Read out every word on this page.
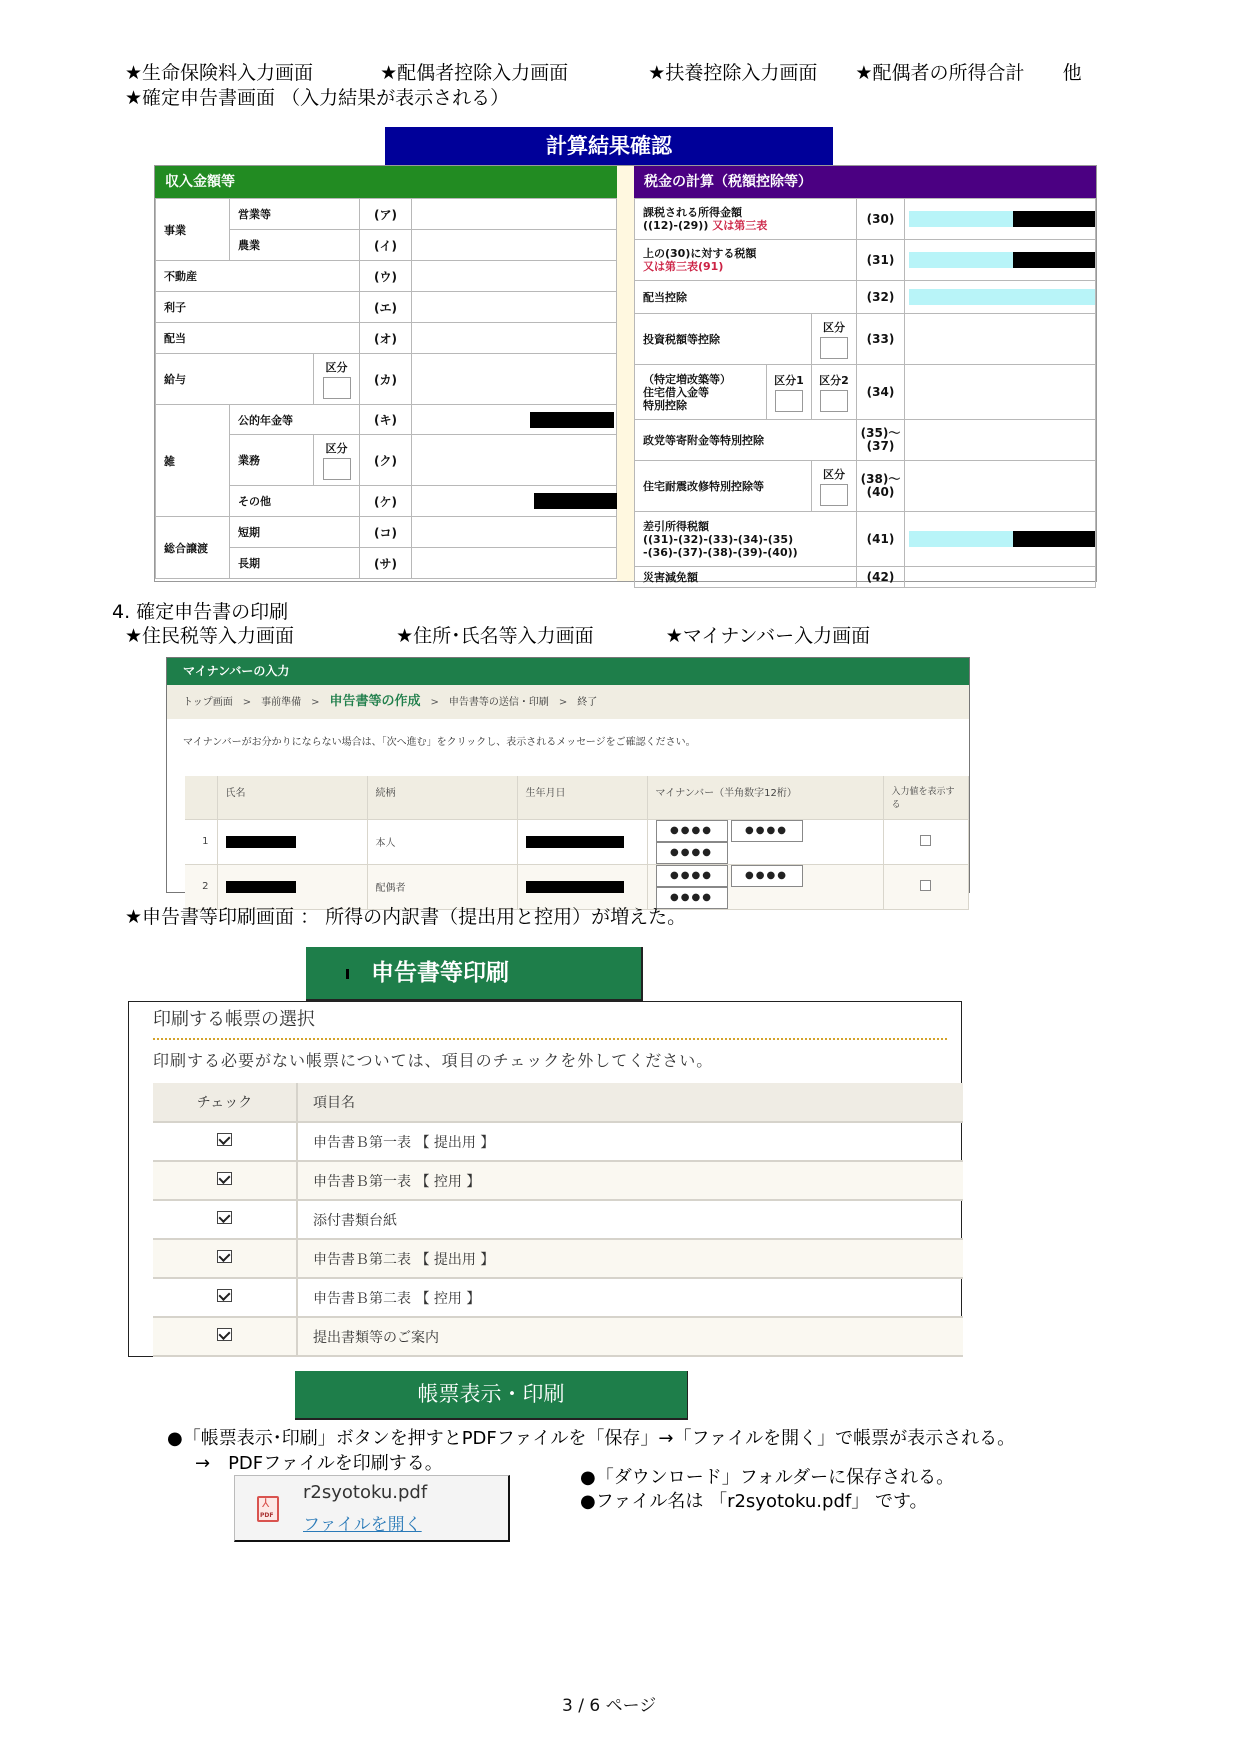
★生命保険料入力画面	★配偶者控除入力画面	★扶養控除入力画面 ★配偶者の所得合計 他
★確定申告書画面 （入力結果が表示される）
計算結果確認
収入金額等
事業	営業等		(ア)	
	農業		(イ)	
不動産			(ウ)	
利子			(エ)	
配当			(オ)	
給与		区分	(カ)	
雑	公的年金等		(キ)	

	業務	区分	(ク)	
	その他		(ケ)	

総合譲渡	短期		(コ)	
	長期		(サ)	
税金の計算（税額控除等）
課税される所得金額
((12)-(29)) 又は第三表			(30)	

上の(30)に対する税額
又は第三表(91)			(31)	

配当控除			(32)	

投資税額等控除		区分	(33)	

（特定増改築等）
住宅借入金等
特別控除	区分1	区分2	(34)	

政党等寄附金等特別控除			(35)～
(37)	

住宅耐震改修特別控除等		区分	(38)～
(40)	

差引所得税額
((31)-(32)-(33)-(34)-(35)
-(36)-(37)-(38)-(39)-(40))			(41)	

災害減免額			(42)	
4. 確定申告書の印刷
★住民税等入力画面	★住所･氏名等入力画面	★マイナンバー入力画面
マイナンバーの入力
トップ画面 > 事前準備 > 申告書等の作成 > 申告書等の送信・印刷 > 終了
マイナンバーがお分かりにならない場合は、「次へ進む」をクリックし、表示されるメッセージをご確認ください。
	氏名	続柄	生年月日	マイナンバー（半角数字12桁）	入力値を表示する
1		本人		●●●● ●●●●●●●●	
2		配偶者		●●●● ●●●●●●●●	
★申告書等印刷画面 ： 所得の内訳書（提出用と控用）が増えた。
申告書等印刷
印刷する帳票の選択
印刷する必要がない帳票については、項目のチェックを外してください。
チェック	項目名
	申告書Ｂ第一表 【 提出用 】
	申告書Ｂ第一表 【 控用 】
	添付書類台紙
	申告書Ｂ第二表 【 提出用 】
	申告書Ｂ第二表 【 控用 】
	提出書類等のご案内
帳票表示・印刷
●「帳票表示･印刷」ボタンを押すとPDFファイルを「保存」→「ファイルを開く」で帳票が表示される。
→　PDFファイルを印刷する。
⅄ PDF
r2syotoku.pdf
ファイルを開く
●「ダウンロード」フォルダーに保存される。
●ファイル名は 「r2syotoku.pdf」 です。
3 / 6 ページ
